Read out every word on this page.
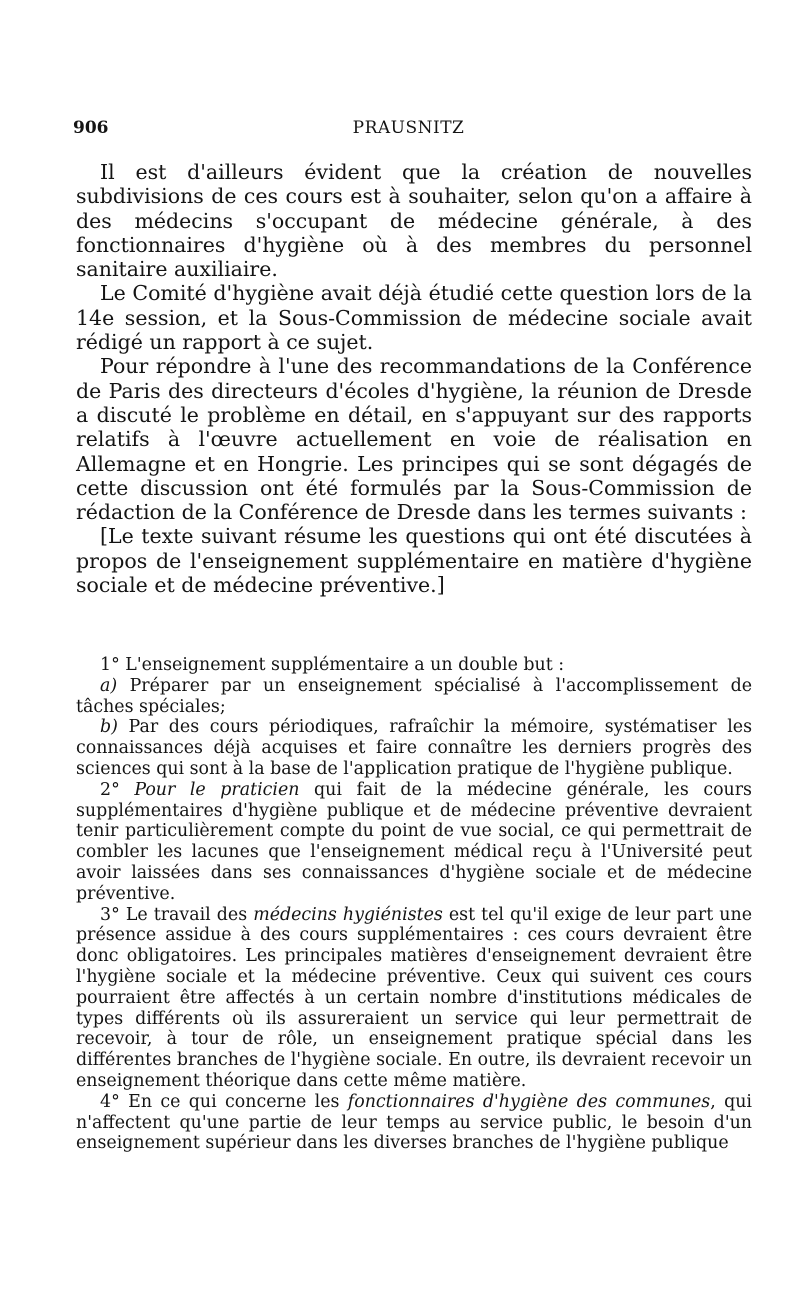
906	PRAUSNITZ

Il est d'ailleurs évident que la création de nouvelles subdivisions de ces cours est à souhaiter, selon qu'on a affaire à des médecins s'occupant de médecine générale, à des fonctionnaires d'hygiène où à des membres du personnel sanitaire auxiliaire.

Le Comité d'hygiène avait déjà étudié cette question lors de la 14e session, et la Sous-Commission de médecine sociale avait rédigé un rapport à ce sujet.

Pour répondre à l'une des recommandations de la Conférence de Paris des directeurs d'écoles d'hygiène, la réunion de Dresde a discuté le problème en détail, en s'appuyant sur des rapports relatifs à l'œuvre actuellement en voie de réalisation en Allemagne et en Hongrie. Les principes qui se sont dégagés de cette discussion ont été formulés par la Sous-Commission de rédaction de la Conférence de Dresde dans les termes suivants :

[Le texte suivant résume les questions qui ont été discutées à propos de l'enseignement supplémentaire en matière d'hygiène sociale et de médecine préventive.]

1° L'enseignement supplémentaire a un double but :

a) Préparer par un enseignement spécialisé à l'accomplissement de tâches spéciales;

b) Par des cours périodiques, rafraîchir la mémoire, systématiser les connaissances déjà acquises et faire connaître les derniers progrès des sciences qui sont à la base de l'application pratique de l'hygiène publique.

2° Pour le praticien qui fait de la médecine générale, les cours supplémentaires d'hygiène publique et de médecine préventive devraient tenir particulièrement compte du point de vue social, ce qui permettrait de combler les lacunes que l'enseignement médical reçu à l'Université peut avoir laissées dans ses connaissances d'hygiène sociale et de médecine préventive.

3° Le travail des médecins hygiénistes est tel qu'il exige de leur part une présence assidue à des cours supplémentaires : ces cours devraient être donc obligatoires. Les principales matières d'enseignement devraient être l'hygiène sociale et la médecine préventive. Ceux qui suivent ces cours pourraient être affectés à un certain nombre d'institutions médicales de types différents où ils assureraient un service qui leur permettrait de recevoir, à tour de rôle, un enseignement pratique spécial dans les différentes branches de l'hygiène sociale. En outre, ils devraient recevoir un enseignement théorique dans cette même matière.

4° En ce qui concerne les fonctionnaires d'hygiène des communes, qui n'affectent qu'une partie de leur temps au service public, le besoin d'un enseignement supérieur dans les diverses branches de l'hygiène publique
